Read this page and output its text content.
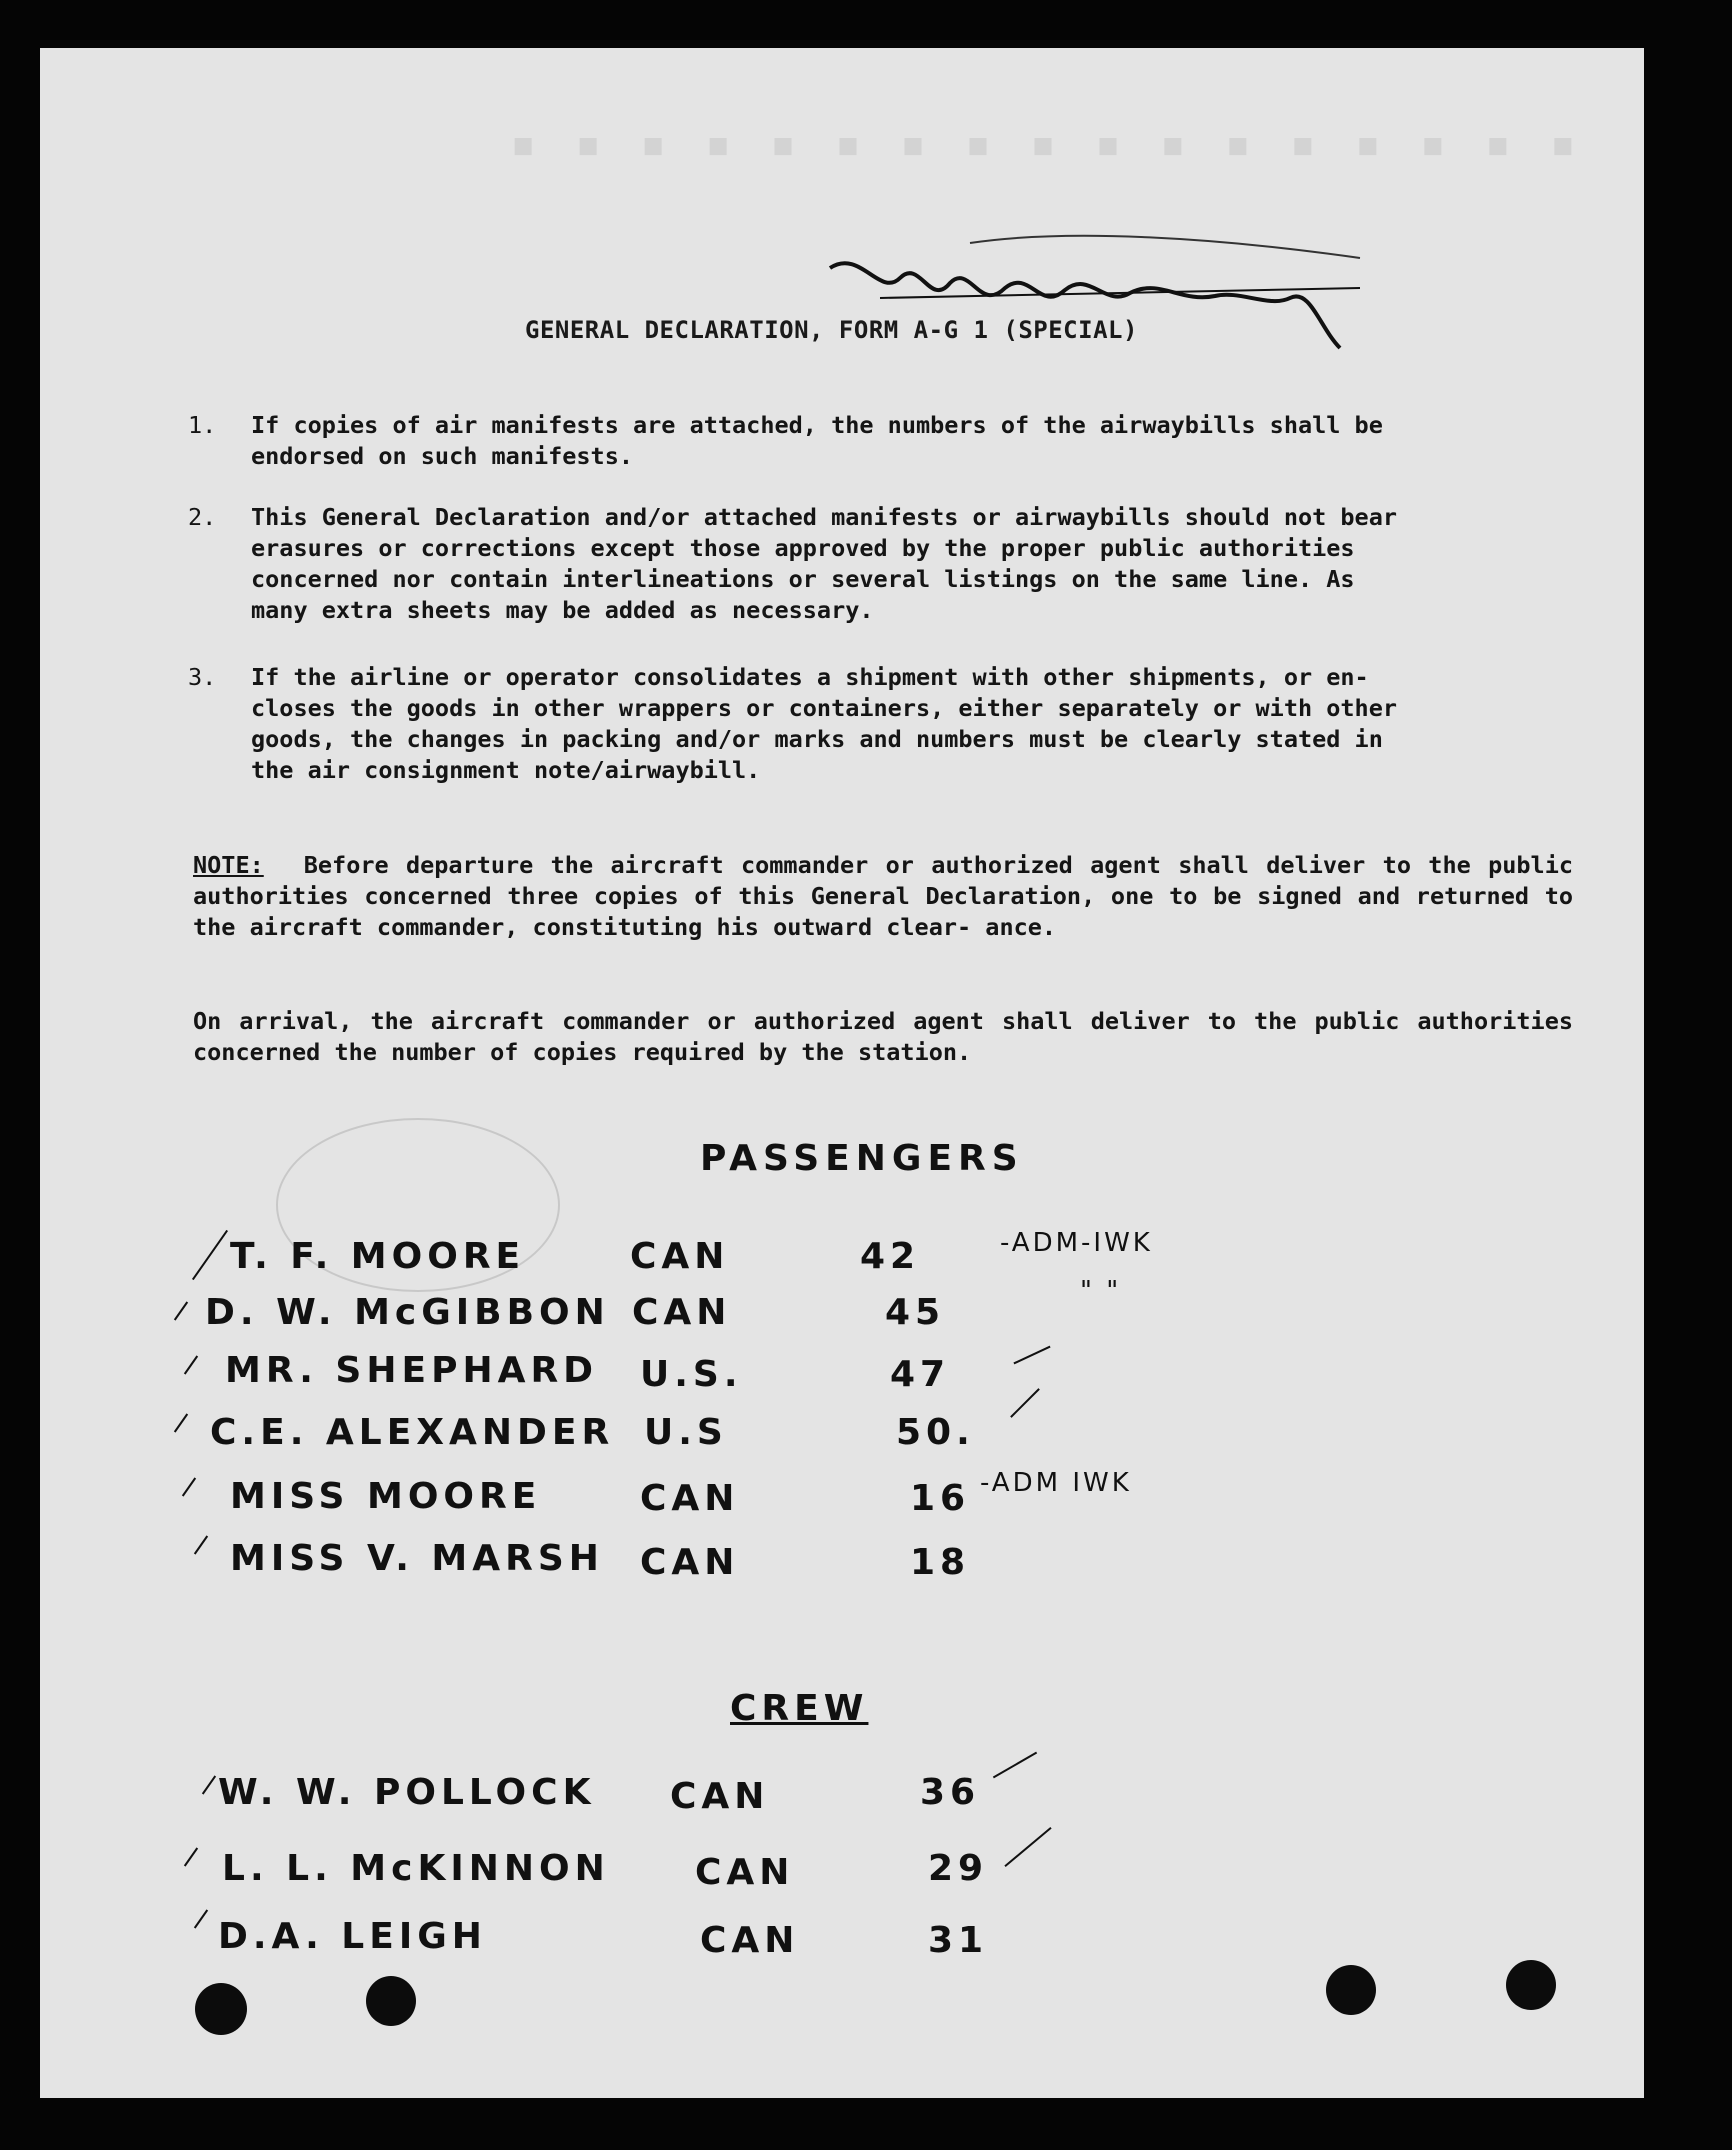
▪ ▪ ▪ ▪ ▪ ▪ ▪ ▪ ▪ ▪ ▪ ▪ ▪ ▪ ▪ ▪ ▪
GENERAL DECLARATION, FORM A-G 1 (SPECIAL)
1. If copies of air manifests are attached, the numbers of the airwaybills shall be
endorsed on such manifests.
2. This General Declaration and/or attached manifests or airwaybills should not bear
erasures or corrections except those approved by the proper public authorities
concerned nor contain interlineations or several listings on the same line. As
many extra sheets may be added as necessary.
3. If the airline or operator consolidates a shipment with other shipments, or en-
closes the goods in other wrappers or containers, either separately or with other
goods, the changes in packing and/or marks and numbers must be clearly stated in
the air consignment note/airwaybill.
NOTE: Before departure the aircraft commander or authorized agent shall deliver to the public authorities concerned three copies of this General Declaration, one to be signed and returned to the aircraft commander, constituting his outward clear- ance.
On arrival, the aircraft commander or authorized agent shall deliver to the public authorities concerned the number of copies required by the station.
PASSENGERS
T. F. MOORE	CAN	42	-ADM-IWK
D. W. McGIBBON CAN	45
" "
MR. SHEPHARD U.S.	47
C.E. ALEXANDER U.S	50.
MISS MOORE	CAN	16 -ADM IWK
MISS V. MARSH CAN	18
CREW
W. W. POLLOCK CAN	36
L. L. McKINNON CAN	29
D.A. LEIGH	CAN	31
